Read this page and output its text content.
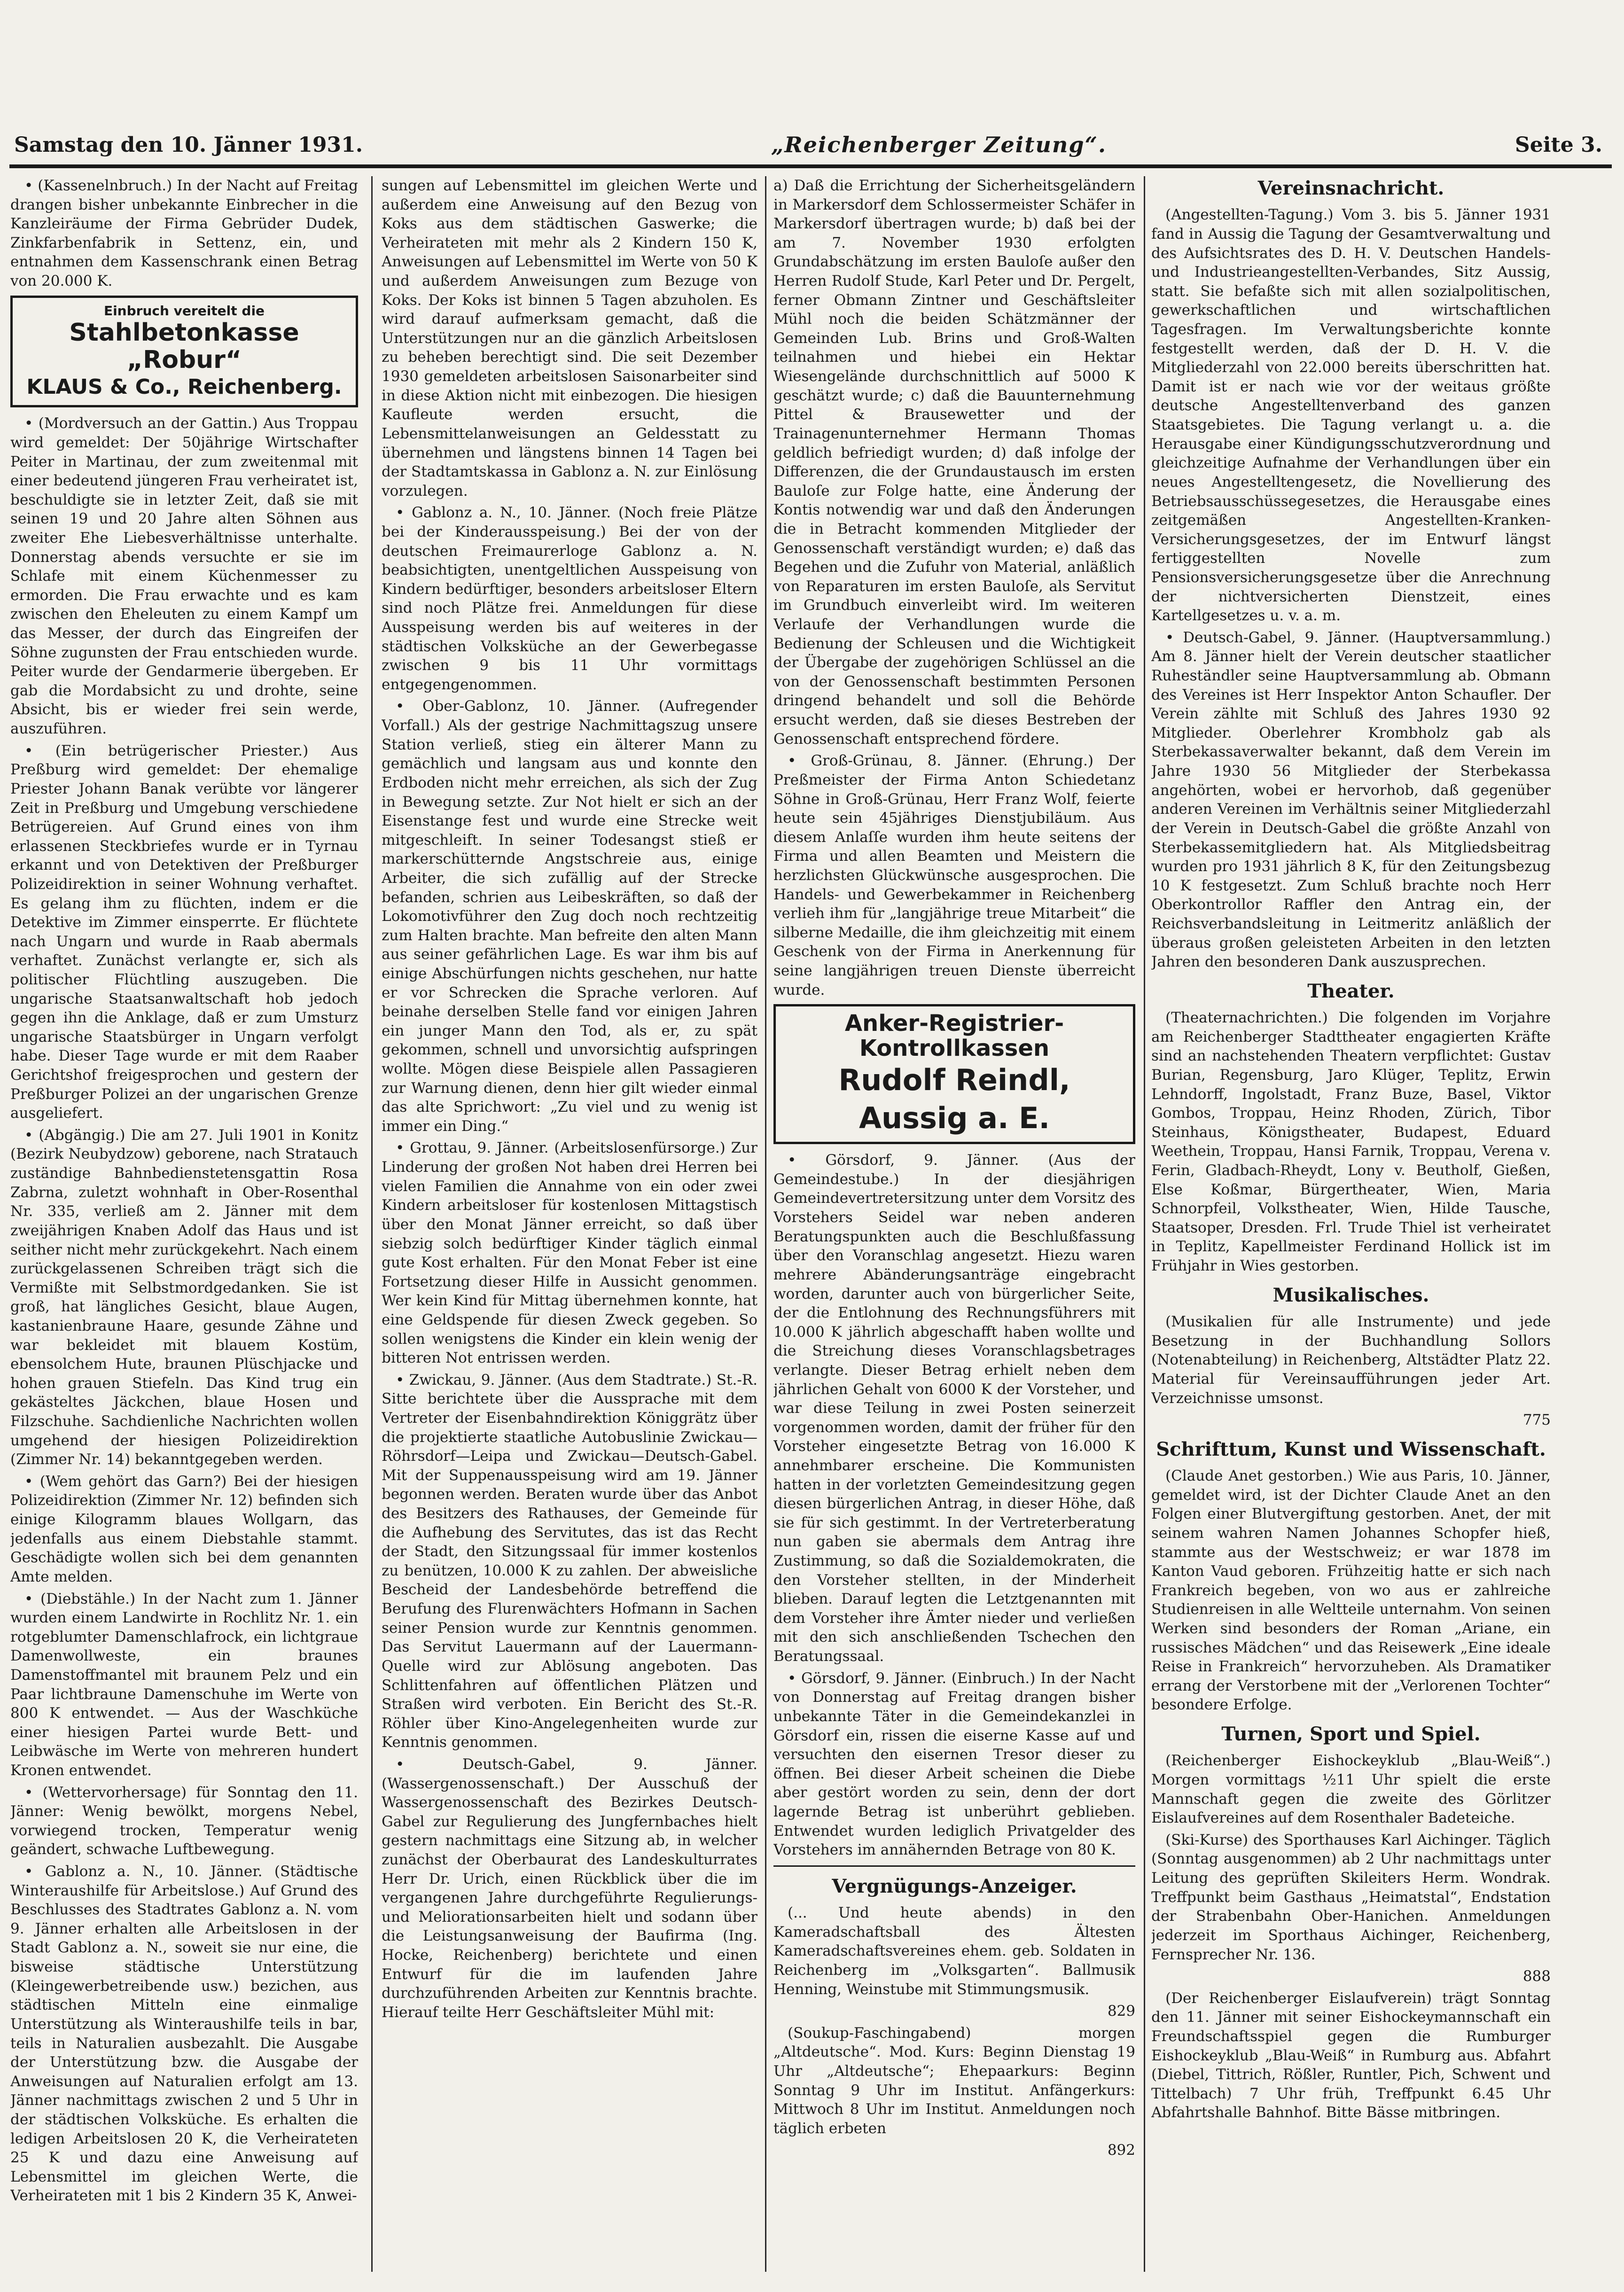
Samstag den 10. Jänner 1931.	„Reichenberger Zeitung“.	Seite 3.

• (Kassenelnbruch.) In der Nacht auf Freitag drangen bisher unbekannte Einbrecher in die Kanzleiräume der Firma Gebrüder Dudek, Zinkfarbenfabrik in Settenz, ein, und entnahmen dem Kassenschrank einen Betrag von 20.000 K.

Einbruch vereitelt die
Stahlbetonkasse „Robur“
KLAUS & Co., Reichenberg.

• (Mordversuch an der Gattin.) Aus Troppau wird gemeldet: Der 50jährige Wirtschafter Peiter in Martinau, der zum zweitenmal mit einer bedeutend jüngeren Frau verheiratet ist, beschuldigte sie in letzter Zeit, daß sie mit seinen 19 und 20 Jahre alten Söhnen aus zweiter Ehe Liebesverhältnisse unterhalte. Donnerstag abends versuchte er sie im Schlafe mit einem Küchenmesser zu ermorden. Die Frau erwachte und es kam zwischen den Eheleuten zu einem Kampf um das Messer, der durch das Eingreifen der Söhne zugunsten der Frau entschieden wurde. Peiter wurde der Gendarmerie übergeben. Er gab die Mordabsicht zu und drohte, seine Absicht, bis er wieder frei sein werde, auszuführen.

• (Ein betrügerischer Priester.) Aus Preßburg wird gemeldet: Der ehemalige Priester Johann Banak verübte vor längerer Zeit in Preßburg und Umgebung verschiedene Betrügereien. Auf Grund eines von ihm erlassenen Steckbriefes wurde er in Tyrnau erkannt und von Detektiven der Preßburger Polizeidirektion in seiner Wohnung verhaftet. Es gelang ihm zu flüchten, indem er die Detektive im Zimmer einsperrte. Er flüchtete nach Ungarn und wurde in Raab abermals verhaftet. Zunächst verlangte er, sich als politischer Flüchtling auszugeben. Die ungarische Staatsanwaltschaft hob jedoch gegen ihn die Anklage, daß er zum Umsturz ungarische Staatsbürger in Ungarn verfolgt habe. Dieser Tage wurde er mit dem Raaber Gerichtshof freigesprochen und gestern der Preßburger Polizei an der ungarischen Grenze ausgeliefert.

• (Abgängig.) Die am 27. Juli 1901 in Konitz (Bezirk Neubydzow) geborene, nach Stratauch zuständige Bahnbedienstetensgattin Rosa Zabrna, zuletzt wohnhaft in Ober-Rosenthal Nr. 335, verließ am 2. Jänner mit dem zweijährigen Knaben Adolf das Haus und ist seither nicht mehr zurückgekehrt. Nach einem zurückgelassenen Schreiben trägt sich die Vermißte mit Selbstmordgedanken. Sie ist groß, hat längliches Gesicht, blaue Augen, kastanienbraune Haare, gesunde Zähne und war bekleidet mit blauem Kostüm, ebensolchem Hute, braunen Plüschjacke und hohen grauen Stiefeln. Das Kind trug ein gekästeltes Jäckchen, blaue Hosen und Filzschuhe. Sachdienliche Nachrichten wollen umgehend der hiesigen Polizeidirektion (Zimmer Nr. 14) bekanntgegeben werden.

• (Wem gehört das Garn?) Bei der hiesigen Polizeidirektion (Zimmer Nr. 12) befinden sich einige Kilogramm blaues Wollgarn, das jedenfalls aus einem Diebstahle stammt. Geschädigte wollen sich bei dem genannten Amte melden.

• (Diebstähle.) In der Nacht zum 1. Jänner wurden einem Landwirte in Rochlitz Nr. 1. ein rotgeblumter Damenschlafrock, ein lichtgraue Damenwollweste, ein braunes Damenstoffmantel mit braunem Pelz und ein Paar lichtbraune Damenschuhe im Werte von 800 K entwendet. — Aus der Waschküche einer hiesigen Partei wurde Bett- und Leibwäsche im Werte von mehreren hundert Kronen entwendet.

• (Wettervorhersage) für Sonntag den 11. Jänner: Wenig bewölkt, morgens Nebel, vorwiegend trocken, Temperatur wenig geändert, schwache Luftbewegung.

• Gablonz a. N., 10. Jänner. (Städtische Winteraushilfe für Arbeitslose.) Auf Grund des Beschlusses des Stadtrates Gablonz a. N. vom 9. Jänner erhalten alle Arbeitslosen in der Stadt Gablonz a. N., soweit sie nur eine, die bisweise städtische Unterstützung (Kleingewerbetreibende usw.) bezichen, aus städtischen Mitteln eine einmalige Unterstützung als Winteraushilfe teils in bar, teils in Naturalien ausbezahlt. Die Ausgabe der Unterstützung bzw. die Ausgabe der Anweisungen auf Naturalien erfolgt am 13. Jänner nachmittags zwischen 2 und 5 Uhr in der städtischen Volksküche. Es erhalten die ledigen Arbeitslosen 20 K, die Verheirateten 25 K und dazu eine Anweisung auf Lebensmittel im gleichen Werte, die Verheirateten mit 1 bis 2 Kindern 35 K, Anwei-

sungen auf Lebensmittel im gleichen Werte und außerdem eine Anweisung auf den Bezug von Koks aus dem städtischen Gaswerke; die Verheirateten mit mehr als 2 Kindern 150 K, Anweisungen auf Lebensmittel im Werte von 50 K und außerdem Anweisungen zum Bezuge von Koks. Der Koks ist binnen 5 Tagen abzuholen. Es wird darauf aufmerksam gemacht, daß die Unterstützungen nur an die gänzlich Arbeitslosen zu beheben berechtigt sind. Die seit Dezember 1930 gemeldeten arbeitslosen Saisonarbeiter sind in diese Aktion nicht mit einbezogen. Die hiesigen Kaufleute werden ersucht, die Lebensmittelanweisungen an Geldesstatt zu übernehmen und längstens binnen 14 Tagen bei der Stadtamtskassa in Gablonz a. N. zur Einlösung vorzulegen.

• Gablonz a. N., 10. Jänner. (Noch freie Plätze bei der Kinderausspeisung.) Bei der von der deutschen Freimaurerloge Gablonz a. N. beabsichtigten, unentgeltlichen Ausspeisung von Kindern bedürftiger, besonders arbeitsloser Eltern sind noch Plätze frei. Anmeldungen für diese Ausspeisung werden bis auf weiteres in der städtischen Volksküche an der Gewerbegasse zwischen 9 bis 11 Uhr vormittags entgegengenommen.

• Ober-Gablonz, 10. Jänner. (Aufregender Vorfall.) Als der gestrige Nachmittagszug unsere Station verließ, stieg ein älterer Mann zu gemächlich und langsam aus und konnte den Erdboden nicht mehr erreichen, als sich der Zug in Bewegung setzte. Zur Not hielt er sich an der Eisenstange fest und wurde eine Strecke weit mitgeschleift. In seiner Todesangst stieß er markerschütternde Angstschreie aus, einige Arbeiter, die sich zufällig auf der Strecke befanden, schrien aus Leibeskräften, so daß der Lokomotivführer den Zug doch noch rechtzeitig zum Halten brachte. Man befreite den alten Mann aus seiner gefährlichen Lage. Es war ihm bis auf einige Abschürfungen nichts geschehen, nur hatte er vor Schrecken die Sprache verloren. Auf beinahe derselben Stelle fand vor einigen Jahren ein junger Mann den Tod, als er, zu spät gekommen, schnell und unvorsichtig aufspringen wollte. Mögen diese Beispiele allen Passagieren zur Warnung dienen, denn hier gilt wieder einmal das alte Sprichwort: „Zu viel und zu wenig ist immer ein Ding.“

• Grottau, 9. Jänner. (Arbeitslosenfürsorge.) Zur Linderung der großen Not haben drei Herren bei vielen Familien die Annahme von ein oder zwei Kindern arbeitsloser für kostenlosen Mittagstisch über den Monat Jänner erreicht, so daß über siebzig solch bedürftiger Kinder täglich einmal gute Kost erhalten. Für den Monat Feber ist eine Fortsetzung dieser Hilfe in Aussicht genommen. Wer kein Kind für Mittag übernehmen konnte, hat eine Geldspende für diesen Zweck gegeben. So sollen wenigstens die Kinder ein klein wenig der bitteren Not entrissen werden.

• Zwickau, 9. Jänner. (Aus dem Stadtrate.) St.-R. Sitte berichtete über die Aussprache mit dem Vertreter der Eisenbahndirektion Königgrätz über die projektierte staatliche Autobuslinie Zwickau—Röhrsdorf—Leipa und Zwickau—Deutsch-Gabel. Mit der Suppenausspeisung wird am 19. Jänner begonnen werden. Beraten wurde über das Anbot des Besitzers des Rathauses, der Gemeinde für die Aufhebung des Servitutes, das ist das Recht der Stadt, den Sitzungssaal für immer kostenlos zu benützen, 10.000 K zu zahlen. Der abweisliche Bescheid der Landesbehörde betreffend die Berufung des Flurenwächters Hofmann in Sachen seiner Pension wurde zur Kenntnis genommen. Das Servitut Lauermann auf der Lauermann-Quelle wird zur Ablösung angeboten. Das Schlittenfahren auf öffentlichen Plätzen und Straßen wird verboten. Ein Bericht des St.-R. Röhler über Kino-Angelegenheiten wurde zur Kenntnis genommen.

• Deutsch-Gabel, 9. Jänner. (Wassergenossenschaft.) Der Ausschuß der Wassergenossenschaft des Bezirkes Deutsch-Gabel zur Regulierung des Jungfernbaches hielt gestern nachmittags eine Sitzung ab, in welcher zunächst der Oberbaurat des Landeskulturrates Herr Dr. Urich, einen Rückblick über die im vergangenen Jahre durchgeführte Regulierungs- und Meliorationsarbeiten hielt und sodann über die Leistungsanweisung der Baufirma (Ing. Hocke, Reichenberg) berichtete und einen Entwurf für die im laufenden Jahre durchzuführenden Arbeiten zur Kenntnis brachte. Hierauf teilte Herr Geschäftsleiter Mühl mit:

a) Daß die Errichtung der Sicherheitsgeländern in Markersdorf dem Schlossermeister Schäfer in Markersdorf übertragen wurde; b) daß bei der am 7. November 1930 erfolgten Grundabschätzung im ersten Bauloſe außer den Herren Rudolf Stude, Karl Peter und Dr. Pergelt, ferner Obmann Zintner und Geschäftsleiter Mühl noch die beiden Schätzmänner der Gemeinden Lub. Brins und Groß-Walten teilnahmen und hiebei ein Hektar Wiesengelände durchschnittlich auf 5000 K geschätzt wurde; c) daß die Bauunternehmung Pittel & Brausewetter und der Trainagenunternehmer Hermann Thomas geldlich befriedigt wurden; d) daß infolge der Differenzen, die der Grundaustausch im ersten Bauloſe zur Folge hatte, eine Änderung der Kontis notwendig war und daß den Änderungen die in Betracht kommenden Mitglieder der Genossenschaft verständigt wurden; e) daß das Begehen und die Zufuhr von Material, anläßlich von Reparaturen im ersten Bauloſe, als Servitut im Grundbuch einverleibt wird. Im weiteren Verlaufe der Verhandlungen wurde die Bedienung der Schleusen und die Wichtigkeit der Übergabe der zugehörigen Schlüssel an die von der Genossenschaft bestimmten Personen dringend behandelt und soll die Behörde ersucht werden, daß sie dieses Bestreben der Genossenschaft entsprechend fördere.

• Groß-Grünau, 8. Jänner. (Ehrung.) Der Preßmeister der Firma Anton Schiedetanz Söhne in Groß-Grünau, Herr Franz Wolf, feierte heute sein 45jähriges Dienstjubiläum. Aus diesem Anlaſſe wurden ihm heute seitens der Firma und allen Beamten und Meistern die herzlichsten Glückwünsche ausgesprochen. Die Handels- und Gewerbekammer in Reichenberg verlieh ihm für „langjährige treue Mitarbeit“ die silberne Medaille, die ihm gleichzeitig mit einem Geschenk von der Firma in Anerkennung für seine langjährigen treuen Dienste überreicht wurde.

Anker-Registrier-Kontrollkassen
Rudolf Reindl, Aussig a. E.

• Görsdorf, 9. Jänner. (Aus der Gemeindestube.) In der diesjährigen Gemeindevertretersitzung unter dem Vorsitz des Vorstehers Seidel war neben anderen Beratungspunkten auch die Beschlußfassung über den Voranschlag angesetzt. Hiezu waren mehrere Abänderungsanträge eingebracht worden, darunter auch von bürgerlicher Seite, der die Entlohnung des Rechnungsführers mit 10.000 K jährlich abgeschafft haben wollte und die Streichung dieses Voranschlagsbetrages verlangte. Dieser Betrag erhielt neben dem jährlichen Gehalt von 6000 K der Vorsteher, und war diese Teilung in zwei Posten seinerzeit vorgenommen worden, damit der früher für den Vorsteher eingesetzte Betrag von 16.000 K annehmbarer erscheine. Die Kommunisten hatten in der vorletzten Gemeindesitzung gegen diesen bürgerlichen Antrag, in dieser Höhe, daß sie für sich gestimmt. In der Vertreterberatung nun gaben sie abermals dem Antrag ihre Zustimmung, so daß die Sozialdemokraten, die den Vorsteher stellten, in der Minderheit blieben. Darauf legten die Letztgenannten mit dem Vorsteher ihre Ämter nieder und verließen mit den sich anschließenden Tschechen den Beratungssaal.

• Görsdorf, 9. Jänner. (Einbruch.) In der Nacht von Donnerstag auf Freitag drangen bisher unbekannte Täter in die Gemeindekanzlei in Görsdorf ein, rissen die eiserne Kasse auf und versuchten den eisernen Tresor dieser zu öffnen. Bei dieser Arbeit scheinen die Diebe aber gestört worden zu sein, denn der dort lagernde Betrag ist unberührt geblieben. Entwendet wurden lediglich Privatgelder des Vorstehers im annähernden Betrage von 80 K.

Vergnügungs-Anzeiger.

(... Und heute abends) in den Kameradschaftsball des Ältesten Kameradschaftsvereines ehem. geb. Soldaten in Reichenberg im „Volksgarten“. Ballmusik Henning, Weinstube mit Stimmungsmusik.

829

(Soukup-Faschingabend) morgen „Altdeutsche“. Mod. Kurs: Beginn Dienstag 19 Uhr „Altdeutsche“; Ehepaarkurs: Beginn Sonntag 9 Uhr im Institut. Anfängerkurs: Mittwoch 8 Uhr im Institut. Anmeldungen noch täglich erbeten

892

Vereinsnachricht.

(Angestellten-Tagung.) Vom 3. bis 5. Jänner 1931 fand in Aussig die Tagung der Gesamtverwaltung und des Aufsichtsrates des D. H. V. Deutschen Handels- und Industrieangestellten-Verbandes, Sitz Aussig, statt. Sie befaßte sich mit allen sozialpolitischen, gewerkschaftlichen und wirtschaftlichen Tagesfragen. Im Verwaltungsberichte konnte festgestellt werden, daß der D. H. V. die Mitgliederzahl von 22.000 bereits überschritten hat. Damit ist er nach wie vor der weitaus größte deutsche Angestelltenverband des ganzen Staatsgebietes. Die Tagung verlangt u. a. die Herausgabe einer Kündigungsschutzverordnung und gleichzeitige Aufnahme der Verhandlungen über ein neues Angestelltengesetz, die Novellierung des Betriebsausschüssegesetzes, die Herausgabe eines zeitgemäßen Angestellten-Kranken-Versicherungsgesetzes, der im Entwurf längst fertiggestellten Novelle zum Pensionsversicherungsgesetze über die Anrechnung der nichtversicherten Dienstzeit, eines Kartellgesetzes u. v. a. m.

• Deutsch-Gabel, 9. Jänner. (Hauptversammlung.) Am 8. Jänner hielt der Verein deutscher staatlicher Ruheständler seine Hauptversammlung ab. Obmann des Vereines ist Herr Inspektor Anton Schaufler. Der Verein zählte mit Schluß des Jahres 1930 92 Mitglieder. Oberlehrer Krombholz gab als Sterbekassaverwalter bekannt, daß dem Verein im Jahre 1930 56 Mitglieder der Sterbekassa angehörten, wobei er hervorhob, daß gegenüber anderen Vereinen im Verhältnis seiner Mitgliederzahl der Verein in Deutsch-Gabel die größte Anzahl von Sterbekassemitgliedern hat. Als Mitgliedsbeitrag wurden pro 1931 jährlich 8 K, für den Zeitungsbezug 10 K festgesetzt. Zum Schluß brachte noch Herr Oberkontrollor Raffler den Antrag ein, der Reichsverbandsleitung in Leitmeritz anläßlich der überaus großen geleisteten Arbeiten in den letzten Jahren den besonderen Dank auszusprechen.

Theater.

(Theaternachrichten.) Die folgenden im Vorjahre am Reichenberger Stadttheater engagierten Kräfte sind an nachstehenden Theatern verpflichtet: Gustav Burian, Regensburg, Jaro Klüger, Teplitz, Erwin Lehndorff, Ingolstadt, Franz Buze, Basel, Viktor Gombos, Troppau, Heinz Rhoden, Zürich, Tibor Steinhaus, Königstheater, Budapest, Eduard Weethein, Troppau, Hansi Farnik, Troppau, Verena v. Ferin, Gladbach-Rheydt, Lony v. Beutholf, Gießen, Else Koßmar, Bürgertheater, Wien, Maria Schnorpfeil, Volkstheater, Wien, Hilde Tausche, Staatsoper, Dresden. Frl. Trude Thiel ist verheiratet in Teplitz, Kapellmeister Ferdinand Hollick ist im Frühjahr in Wies gestorben.

Musikalisches.

(Musikalien für alle Instrumente) und jede Besetzung in der Buchhandlung Sollors (Notenabteilung) in Reichenberg, Altstädter Platz 22. Material für Vereinsaufführungen jeder Art. Verzeichnisse umsonst.

775

Schrifttum, Kunst und Wissenschaft.

(Claude Anet gestorben.) Wie aus Paris, 10. Jänner, gemeldet wird, ist der Dichter Claude Anet an den Folgen einer Blutvergiftung gestorben. Anet, der mit seinem wahren Namen Johannes Schopfer hieß, stammte aus der Westschweiz; er war 1878 im Kanton Vaud geboren. Frühzeitig hatte er sich nach Frankreich begeben, von wo aus er zahlreiche Studienreisen in alle Weltteile unternahm. Von seinen Werken sind besonders der Roman „Ariane, ein russisches Mädchen“ und das Reisewerk „Eine ideale Reise in Frankreich“ hervorzuheben. Als Dramatiker errang der Verstorbene mit der „Verlorenen Tochter“ besondere Erfolge.

Turnen, Sport und Spiel.

(Reichenberger Eishockeyklub „Blau-Weiß“.) Morgen vormittags ½11 Uhr spielt die erste Mannschaft gegen die zweite des Görlitzer Eislaufvereines auf dem Rosenthaler Badeteiche.

(Ski-Kurse) des Sporthauses Karl Aichinger. Täglich (Sonntag ausgenommen) ab 2 Uhr nachmittags unter Leitung des geprüften Skileiters Herm. Wondrak. Treffpunkt beim Gasthaus „Heimatstal“, Endstation der Strabenbahn Ober-Hanichen. Anmeldungen jederzeit im Sporthaus Aichinger, Reichenberg, Fernsprecher Nr. 136.

888

(Der Reichenberger Eislaufverein) trägt Sonntag den 11. Jänner mit seiner Eishockeymannschaft ein Freundschaftsspiel gegen die Rumburger Eishockeyklub „Blau-Weiß“ in Rumburg aus. Abfahrt (Diebel, Tittrich, Rößler, Runtler, Pich, Schwent und Tittelbach) 7 Uhr früh, Treffpunkt 6.45 Uhr Abfahrtshalle Bahnhof. Bitte Bässe mitbringen.
